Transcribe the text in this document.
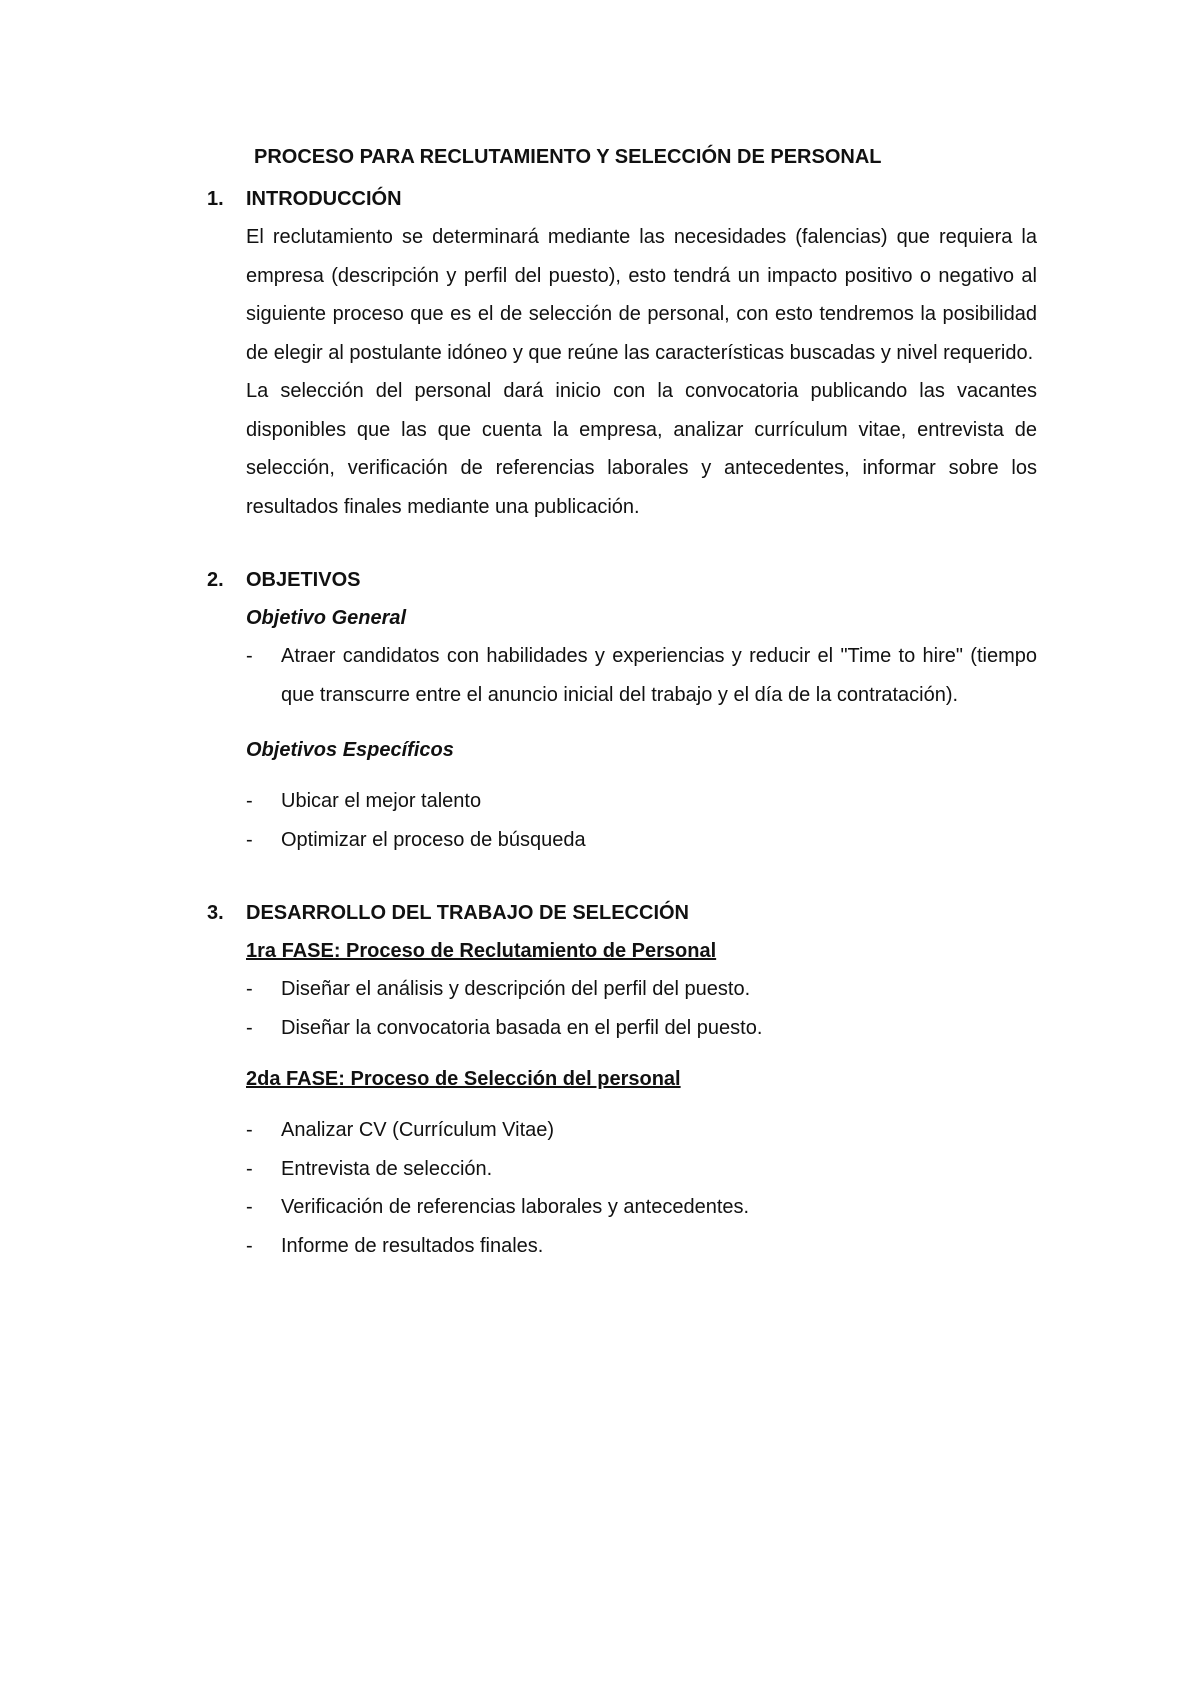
PROCESO PARA RECLUTAMIENTO Y SELECCIÓN DE PERSONAL
1.	INTRODUCCIÓN

El reclutamiento se determinará mediante las necesidades (falencias) que requiera la empresa (descripción y perfil del puesto), esto tendrá un impacto positivo o negativo al siguiente proceso que es el de selección de personal, con esto tendremos la posibilidad de elegir al postulante idóneo y que reúne las características buscadas y nivel requerido.

La selección del personal dará inicio con la convocatoria publicando las vacantes disponibles que las que cuenta la empresa, analizar currículum vitae, entrevista de selección, verificación de referencias laborales y antecedentes, informar sobre los resultados finales mediante una publicación.

2.	OBJETIVOS

Objetivo General

-	Atraer candidatos con habilidades y experiencias y reducir el "Time to hire" (tiempo que transcurre entre el anuncio inicial del trabajo y el día de la contratación).

Objetivos Específicos

-	Ubicar el mejor talento
-	Optimizar el proceso de búsqueda
3.	DESARROLLO DEL TRABAJO DE SELECCIÓN

1ra FASE: Proceso de Reclutamiento de Personal

-	Diseñar el análisis y descripción del perfil del puesto.
-	Diseñar la convocatoria basada en el perfil del puesto.

2da FASE: Proceso de Selección del personal

-	Analizar CV (Currículum Vitae)
-	Entrevista de selección.
-	Verificación de referencias laborales y antecedentes.
-	Informe de resultados finales.
